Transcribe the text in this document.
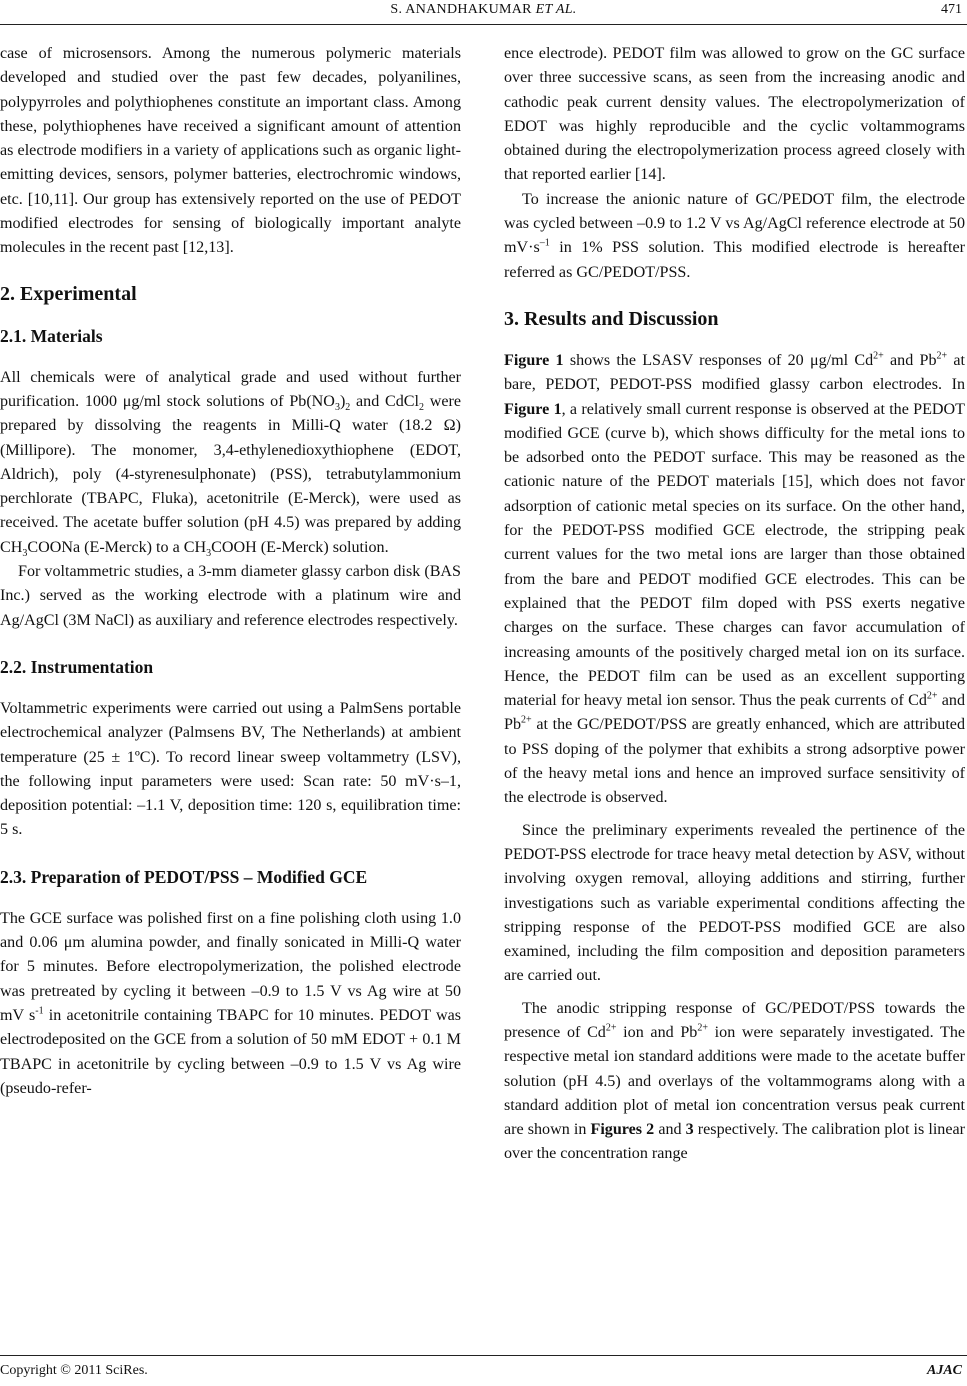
S. ANANDHAKUMAR ET AL.	471

case of microsensors. Among the numerous polymeric materials developed and studied over the past few decades, polyanilines, polypyrroles and polythiophenes constitute an important class. Among these, polythiophenes have received a significant amount of attention as electrode modifiers in a variety of applications such as organic light-emitting devices, sensors, polymer batteries, electrochromic windows, etc. [10,11]. Our group has extensively reported on the use of PEDOT modified electrodes for sensing of biologically important analyte molecules in the recent past [12,13].

2. Experimental
2.1. Materials

All chemicals were of analytical grade and used without further purification. 1000 μg/ml stock solutions of $Pb(NO_3)_2$ and CdCl$_2$ were prepared by dissolving the reagents in Milli-Q water (18.2 Ω) (Millipore). The monomer, 3,4-ethylenedioxythiophene (EDOT, Aldrich), poly (4-styrenesulphonate) (PSS), tetrabutylammonium perchlorate (TBAPC, Fluka), acetonitrile (E-Merck), were used as received. The acetate buffer solution (pH 4.5) was prepared by adding $CH_3COONa$ (E-Merck) to a $CH_3COOH$ (E-Merck) solution.

For voltammetric studies, a 3-mm diameter glassy carbon disk (BAS Inc.) served as the working electrode with a platinum wire and Ag/AgCl (3M NaCl) as auxiliary and reference electrodes respectively.

2.2. Instrumentation

Voltammetric experiments were carried out using a PalmSens portable electrochemical analyzer (Palmsens BV, The Netherlands) at ambient temperature (25 ± 1ºC). To record linear sweep voltammetry (LSV), the following input parameters were used: Scan rate: 50 mV·s–1, deposition potential: –1.1 V, deposition time: 120 s, equilibration time: 5 s.

2.3. Preparation of PEDOT/PSS – Modified GCE

The GCE surface was polished first on a fine polishing cloth using 1.0 and 0.06 μm alumina powder, and finally sonicated in Milli-Q water for 5 minutes. Before electropolymerization, the polished electrode was pretreated by cycling it between –0.9 to 1.5 V vs Ag wire at 50 mV $s^{-1}$ in acetonitrile containing TBAPC for 10 minutes. PEDOT was electrodeposited on the GCE from a solution of 50 mM EDOT + 0.1 M TBAPC in acetonitrile by cycling between –0.9 to 1.5 V vs Ag wire (pseudo-refer-

ence electrode). PEDOT film was allowed to grow on the GC surface over three successive scans, as seen from the increasing anodic and cathodic peak current density values. The electropolymerization of EDOT was highly reproducible and the cyclic voltammograms obtained during the electropolymerization process agreed closely with that reported earlier [14].

To increase the anionic nature of GC/PEDOT film, the electrode was cycled between –0.9 to 1.2 V vs Ag/AgCl reference electrode at 50 $mV\cdot s^{-1}$ in 1% PSS solution. This modified electrode is hereafter referred as GC/PEDOT/PSS.

3. Results and Discussion

Figure 1 shows the LSASV responses of 20 μg/ml $Cd^{2+}$ and $Pb^{2+}$ at bare, PEDOT, PEDOT-PSS modified glassy carbon electrodes. In Figure 1, a relatively small current response is observed at the PEDOT modified GCE (curve b), which shows difficulty for the metal ions to be adsorbed onto the PEDOT surface. This may be reasoned as the cationic nature of the PEDOT materials [15], which does not favor adsorption of cationic metal species on its surface. On the other hand, for the PEDOT-PSS modified GCE electrode, the stripping peak current values for the two metal ions are larger than those obtained from the bare and PEDOT modified GCE electrodes. This can be explained that the PEDOT film doped with PSS exerts negative charges on the surface. These charges can favor accumulation of increasing amounts of the positively charged metal ion on its surface. Hence, the PEDOT film can be used as an excellent supporting material for heavy metal ion sensor. Thus the peak currents of $Cd^{2+}$ and $Pb^{2+}$ at the GC/PEDOT/PSS are greatly enhanced, which are attributed to PSS doping of the polymer that exhibits a strong adsorptive power of the heavy metal ions and hence an improved surface sensitivity of the electrode is observed.

Since the preliminary experiments revealed the pertinence of the PEDOT-PSS electrode for trace heavy metal detection by ASV, without involving oxygen removal, alloying additions and stirring, further investigations such as variable experimental conditions affecting the stripping response of the PEDOT-PSS modified GCE are also examined, including the film composition and deposition parameters are carried out.

The anodic stripping response of GC/PEDOT/PSS towards the presence of $Cd^{2+}$ ion and $Pb^{2+}$ ion were separately investigated. The respective metal ion standard additions were made to the acetate buffer solution (pH 4.5) and overlays of the voltammograms along with a standard addition plot of metal ion concentration versus peak current are shown in Figures 2 and 3 respectively. The calibration plot is linear over the concentration range

Copyright © 2011 SciRes.	AJAC
